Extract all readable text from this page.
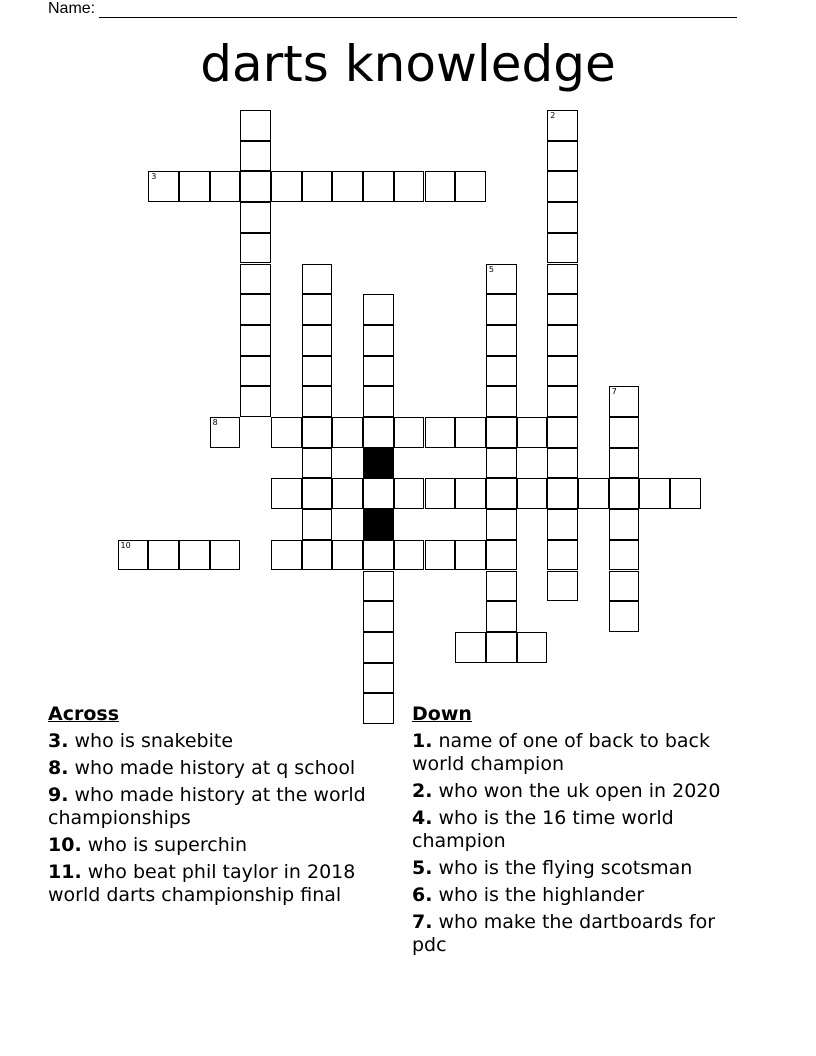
Name:
darts knowledge
2
3
5
7
8
10
Across
3. who is snakebite
8. who made history at q school
9. who made history at the world championships
10. who is superchin
11. who beat phil taylor in 2018 world darts championship final
Down
1. name of one of back to back world champion
2. who won the uk open in 2020
4. who is the 16 time world champion
5. who is the flying scotsman
6. who is the highlander
7. who make the dartboards for pdc
